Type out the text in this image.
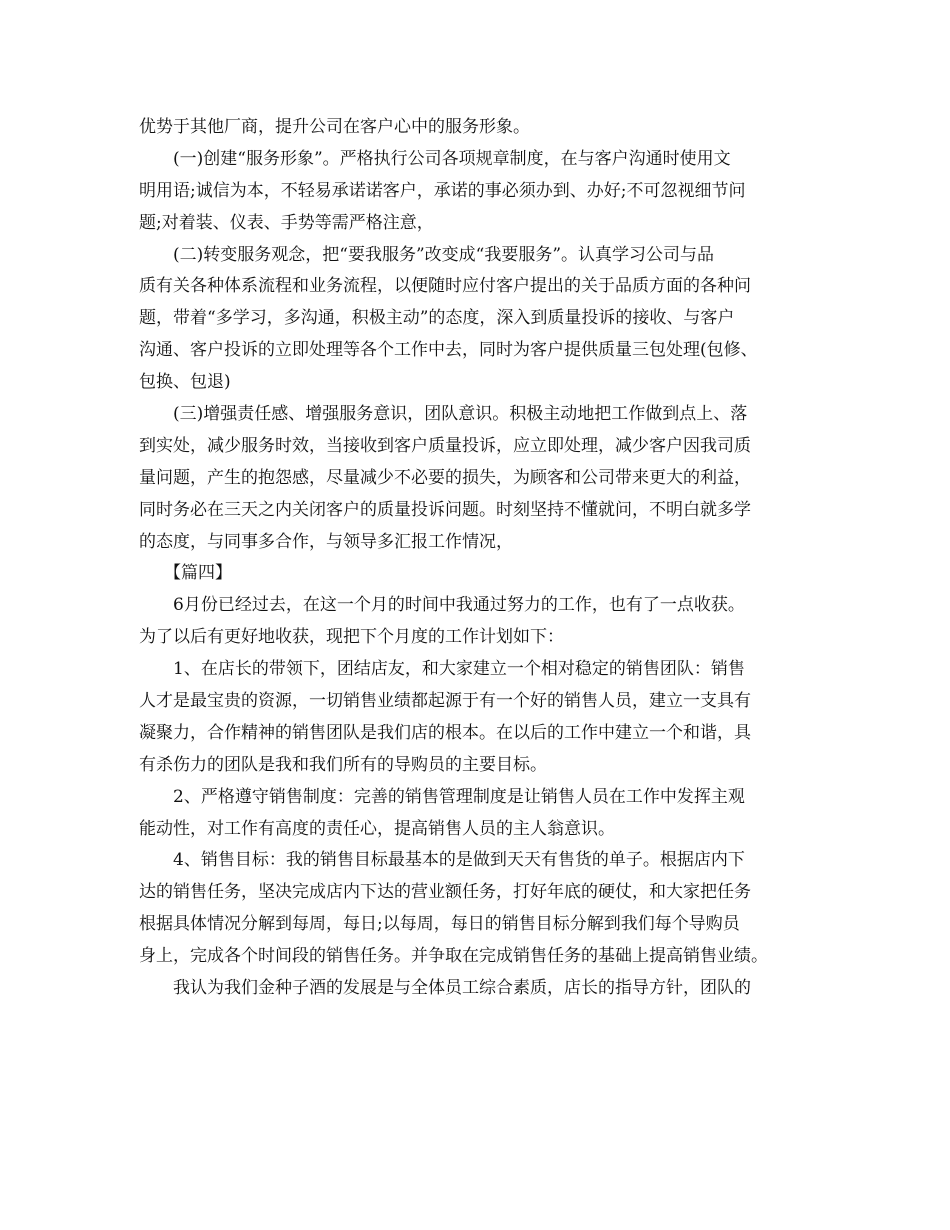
优势于其他厂商，提升公司在客户心中的服务形象。
(一)创建“服务形象”。严格执行公司各项规章制度，在与客户沟通时使用文
明用语;诚信为本，不轻易承诺诺客户，承诺的事必须办到、办好;不可忽视细节问
题;对着装、仪表、手势等需严格注意，
(二)转变服务观念，把“要我服务”改变成“我要服务”。认真学习公司与品
质有关各种体系流程和业务流程，以便随时应付客户提出的关于品质方面的各种问
题，带着“多学习，多沟通，积极主动”的态度，深入到质量投诉的接收、与客户
沟通、客户投诉的立即处理等各个工作中去，同时为客户提供质量三包处理(包修、
包换、包退)
(三)增强责任感、增强服务意识，团队意识。积极主动地把工作做到点上、落
到实处，减少服务时效，当接收到客户质量投诉，应立即处理，减少客户因我司质
量问题，产生的抱怨感，尽量减少不必要的损失，为顾客和公司带来更大的利益，
同时务必在三天之内关闭客户的质量投诉问题。时刻坚持不懂就问，不明白就多学
的态度，与同事多合作，与领导多汇报工作情况，
【篇四】
6月份已经过去，在这一个月的时间中我通过努力的工作，也有了一点收获。
为了以后有更好地收获，现把下个月度的工作计划如下：
1、在店长的带领下，团结店友，和大家建立一个相对稳定的销售团队：销售
人才是最宝贵的资源，一切销售业绩都起源于有一个好的销售人员，建立一支具有
凝聚力，合作精神的销售团队是我们店的根本。在以后的工作中建立一个和谐，具
有杀伤力的团队是我和我们所有的导购员的主要目标。
2、严格遵守销售制度：完善的销售管理制度是让销售人员在工作中发挥主观
能动性，对工作有高度的责任心，提高销售人员的主人翁意识。
4、销售目标：我的销售目标最基本的是做到天天有售货的单子。根据店内下
达的销售任务，坚决完成店内下达的营业额任务，打好年底的硬仗，和大家把任务
根据具体情况分解到每周，每日;以每周，每日的销售目标分解到我们每个导购员
身上，完成各个时间段的销售任务。并争取在完成销售任务的基础上提高销售业绩。
我认为我们金种子酒的发展是与全体员工综合素质，店长的指导方针，团队的
